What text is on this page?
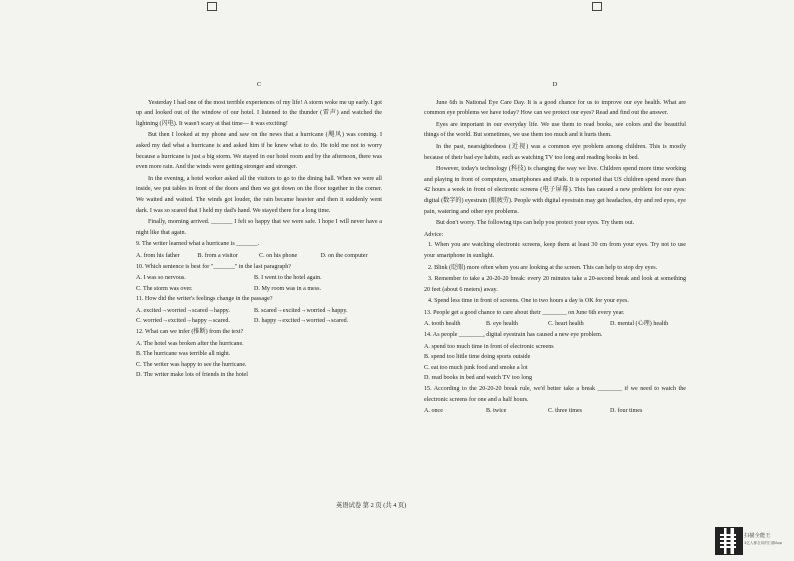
C

Yesterday I had one of the most terrible experiences of my life! A storm woke me up early. I got up and looked out of the window of our hotel. I listened to the thunder (雷声) and watched the lightning (闪电). It wasn't scary at that time— it was exciting!

But then I looked at my phone and saw on the news that a hurricane (飓风) was coming. I asked my dad what a hurricane is and asked him if he knew what to do. He told me not to worry because a hurricane is just a big storm. We stayed in our hotel room and by the afternoon, there was even more rain. And the winds were getting stronger and stronger.

In the evening, a hotel worker asked all the visitors to go to the dining hall. When we were all inside, we put tables in front of the doors and then we got down on the floor together in the corner. We waited and waited. The winds got louder, the rain became heavier and then it suddenly went dark. I was so scared that I held my dad's hand. We stayed there for a long time.

Finally, morning arrived. _______ I felt so happy that we were safe. I hope I will never have a night like that again.

9. The writer learned what a hurricane is _______.

A. from his father	B. from a visitor	C. on his phone	D. on the computer

10. Which sentence is best for "_______" in the last paragraph?

A. I was so nervous.	B. I went to the hotel again.
C. The storm was over.	D. My room was in a mess.

11. How did the writer's feelings change in the passage?

A. excited→worried→scared→happy.	B. scared→excited→worried→happy.
C. worried→excited→happy→scared.	D. happy→excited→worried→scared.

12. What can we infer (推断) from the text?

A. The hotel was broken after the hurricane.
B. The hurricane was terrible all night.
C. The writer was happy to see the hurricane.
D. The writer make lots of friends in the hotel
D

June 6th is National Eye Care Day. It is a good chance for us to improve our eye health. What are common eye problems we have today? How can we protect our eyes? Read and find out the answer.

Eyes are important in our everyday life. We use them to read books, see colors and the beautiful things of the world. But sometimes, we use them too much and it hurts them.

In the past, nearsightedness (近视) was a common eye problem among children. This is mostly because of their bad eye habits, such as watching TV too long and reading books in bed.

However, today's technology (科技) is changing the way we live. Children spend more time working and playing in front of computers, smartphones and iPads. It is reported that US children spend more than 42 hours a week in front of electronic screens (电子屏幕). This has caused a new problem for our eyes: digital (数字的) eyestrain (眼疲劳). People with digital eyestrain may get headaches, dry and red eyes, eye pain, watering and other eye problems.

But don't worry. The following tips can help you protect your eyes. Try them out.

Advice:

1. When you are watching electronic screens, keep them at least 30 cm from your eyes. Try not to use your smartphone in sunlight.

2. Blink (眨眼) more often when you are looking at the screen. This can help to stop dry eyes.

3. Remember to take a 20-20-20 break: every 20 minutes take a 20-second break and look at something 20 feet (about 6 meters) away.

4. Spend less time in front of screens. One to two hours a day is OK for your eyes.

13. People get a good chance to care about their ________ on June 6th every year.

A. tooth health	B. eye health	C. heart health	D. mental (心理) health

14. As people ________, digital eyestrain has caused a new eye problem.

A. spend too much time in front of electronic screens
B. spend too little time doing sports outside
C. eat too much junk food and smoke a lot
D. read books in bed and watch TV too long

15. According to the 20-20-20 break rule, we'd better take a break ________ if we need to watch the electronic screens for one and a half hours.

A. once	B. twice	C. three times	D. four times
英语试卷 第 2 页 (共 4 页)
扫描全能王
3亿人都在用的扫描App
